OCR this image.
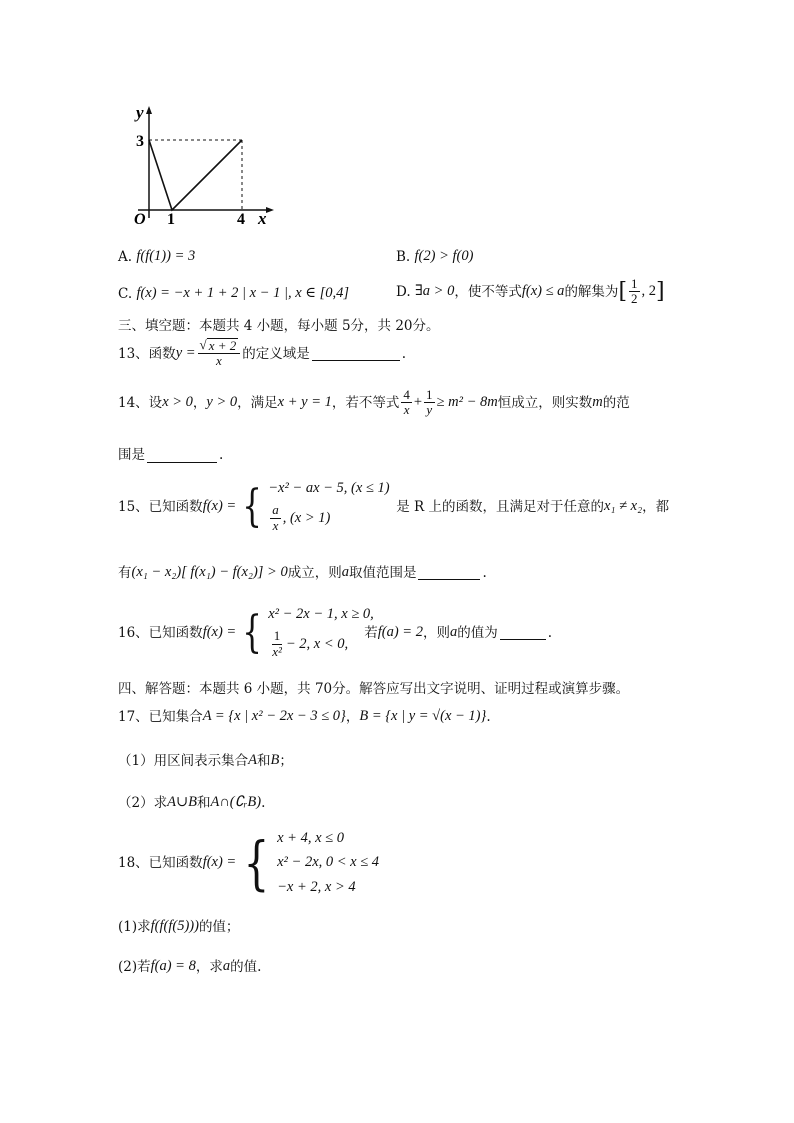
y
x
3
O 1	4
A.
f(f(1)) = 3	B.
f(2) > f(0)
C.
f(x) = −x + 1 + 2 | x − 1 |, x ∈ [0,4]	D.
∃a > 0 ，使不等式 f(x) ≤ a 的解集为 [ $\frac{1}{2}$ , 2 ]
三、填空题：本题共 4 小题，每小题 5分，共 20分。
13、函数 $y = \frac{√ x + 2}{x}$ 的定义域是	.
14、设 x > 0 ， y > 0 ，满足 x + y = 1 ，若不等式 $\frac{4}{x} + \frac{1}{y} \ge m^2 - 8m$ 恒成立，则实数 m 的范
围是	.
15、已知函数 f(x) = { −x² − ax − 5, (x ≤ 1)
$\frac{a}{x}$ , (x > 1)
是 R 上的函数，且满足对于任意的 x₁ ≠ x₂ ，都
有 (x₁ − x₂)[ f(x₁) − f(x₂)] > 0 成立，则 a 取值范围是	.
16、已知函数 f(x) = { x² − 2x − 1, x ≥ 0,
$\frac{1}{\text{x²}} - 2$, x < 0,
若 f(a) = 2 ，则 a 的值为	.
四、解答题：本题共 6 小题，共 70分。解答应写出文字说明、证明过程或演算步骤。
17、已知集合 A = {x | x² − 2x − 3 ≤ 0} ， B = {x | y = √(x − 1)} .
（1） 用区间表示集合 A 和 B ；
（2） 求 A∪B 和 A∩(∁ᵣB) .
18、已知函数 f(x) = { x + 4, x ≤ 0
x² − 2x, 0 < x ≤ 4
−x + 2, x > 4
(1) 求 f(f(f(5))) 的值；
(2) 若 f(a) = 8 ，求 a 的值.
